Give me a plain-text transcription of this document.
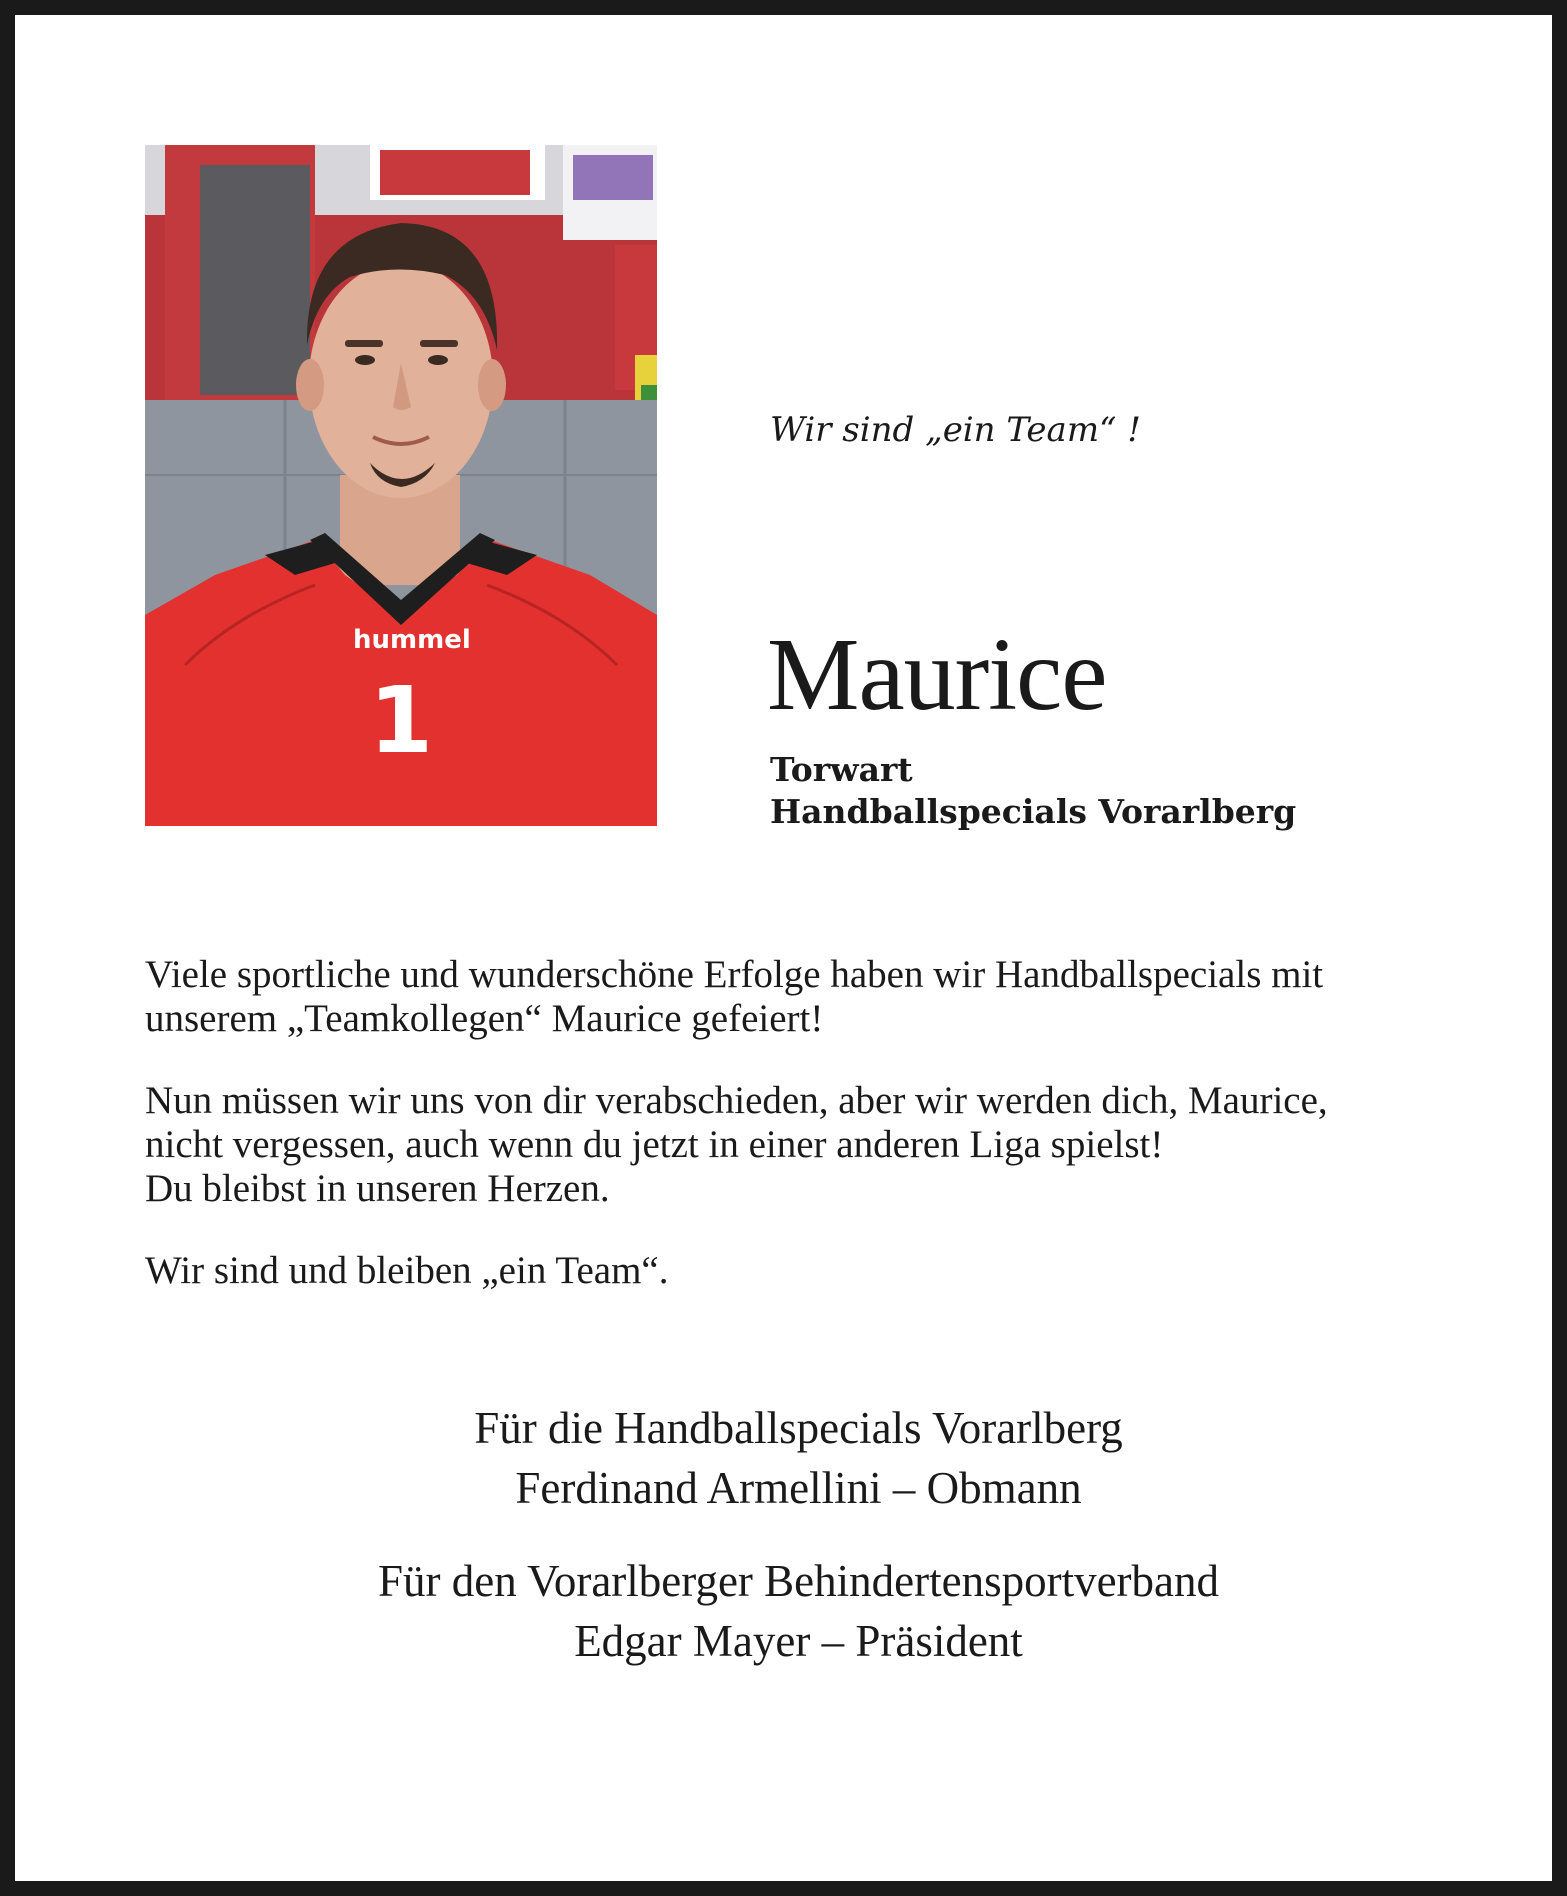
hummel
1
Wir sind „ein Team“ !
Maurice
Torwart
Handballspecials Vorarlberg

Viele sportliche und wunderschöne Erfolge haben wir Handballspecials mit
unserem „Teamkollegen“ Maurice gefeiert!

Nun müssen wir uns von dir verabschieden, aber wir werden dich, Maurice,
nicht vergessen, auch wenn du jetzt in einer anderen Liga spielst!
Du bleibst in unseren Herzen.

Wir sind und bleiben „ein Team“.

Für die Handballspecials Vorarlberg
Ferdinand Armellini – Obmann
Für den Vorarlberger Behindertensportverband
Edgar Mayer – Präsident
